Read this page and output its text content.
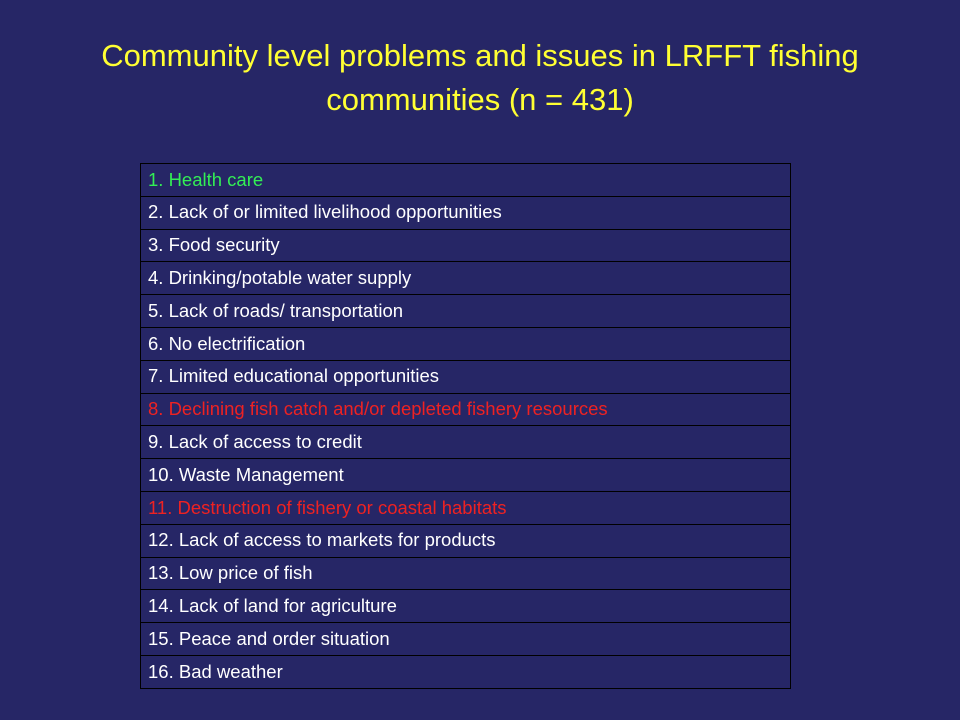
Community level problems and issues in LRFFT fishing communities (n = 431)
1. Health care
2. Lack of or limited livelihood opportunities
3. Food security
4. Drinking/potable water supply
5. Lack of roads/ transportation
6. No electrification
7. Limited educational opportunities
8. Declining fish catch and/or depleted fishery resources
9. Lack of access to credit
10. Waste Management
11. Destruction of fishery or coastal habitats
12. Lack of access to markets for products
13. Low price of fish
14. Lack of land for agriculture
15. Peace and order situation
16. Bad weather
